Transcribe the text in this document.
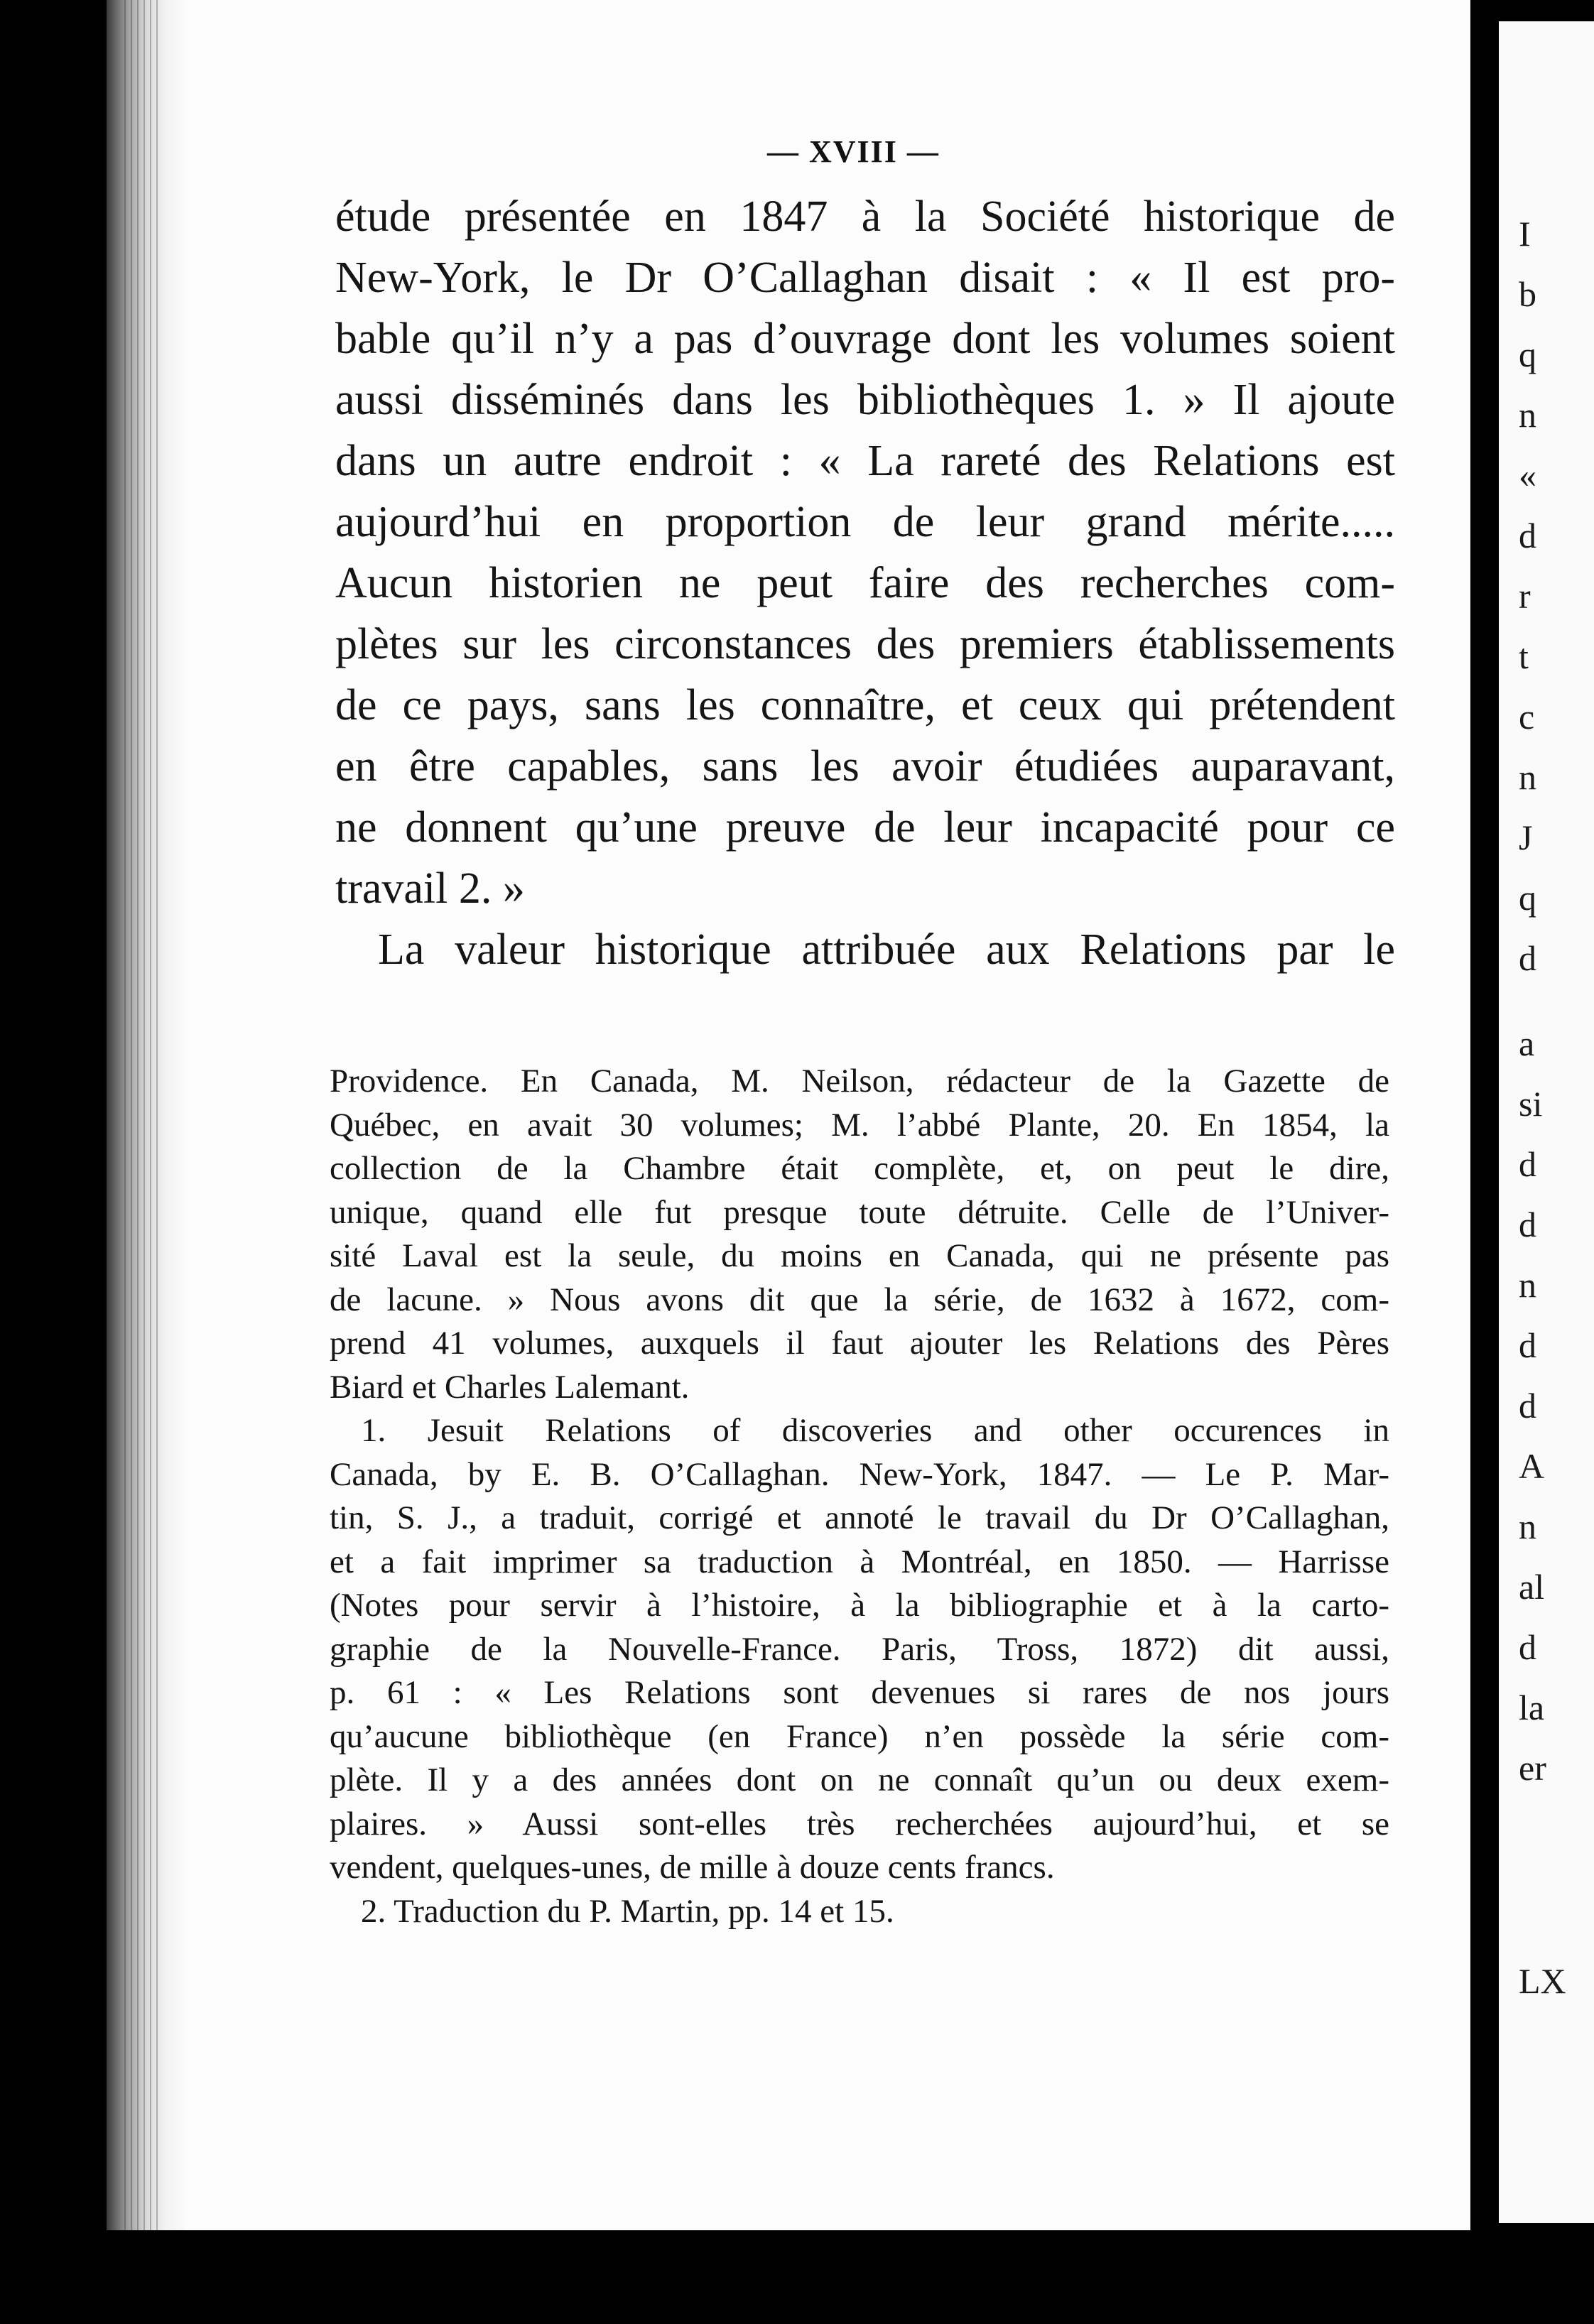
I
b
q
n
«
d
r
t
c
n
J
q
d
a
si
d
d
n
d
d
A
n
al
d
la
er
LX
— XVIII —
étude présentée en 1847 à la Société historique de
New-York, le Dr O’Callaghan disait : « Il est pro-
bable qu’il n’y a pas d’ouvrage dont les volumes soient
aussi disséminés dans les bibliothèques 1. » Il ajoute
dans un autre endroit : « La rareté des Relations est
aujourd’hui en proportion de leur grand mérite.....
Aucun historien ne peut faire des recherches com-
plètes sur les circonstances des premiers établissements
de ce pays, sans les connaître, et ceux qui prétendent
en être capables, sans les avoir étudiées auparavant,
ne donnent qu’une preuve de leur incapacité pour ce
travail 2. »
La valeur historique attribuée aux Relations par le
Providence. En Canada, M. Neilson, rédacteur de la Gazette de
Québec, en avait 30 volumes; M. l’abbé Plante, 20. En 1854, la
collection de la Chambre était complète, et, on peut le dire,
unique, quand elle fut presque toute détruite. Celle de l’Univer-
sité Laval est la seule, du moins en Canada, qui ne présente pas
de lacune. » Nous avons dit que la série, de 1632 à 1672, com-
prend 41 volumes, auxquels il faut ajouter les Relations des Pères
Biard et Charles Lalemant.
1. Jesuit Relations of discoveries and other occurences in
Canada, by E. B. O’Callaghan. New-York, 1847. — Le P. Mar-
tin, S. J., a traduit, corrigé et annoté le travail du Dr O’Callaghan,
et a fait imprimer sa traduction à Montréal, en 1850. — Harrisse
(Notes pour servir à l’histoire, à la bibliographie et à la carto-
graphie de la Nouvelle-France. Paris, Tross, 1872) dit aussi,
p. 61 : « Les Relations sont devenues si rares de nos jours
qu’aucune bibliothèque (en France) n’en possède la série com-
plète. Il y a des années dont on ne connaît qu’un ou deux exem-
plaires. » Aussi sont-elles très recherchées aujourd’hui, et se
vendent, quelques-unes, de mille à douze cents francs.
2. Traduction du P. Martin, pp. 14 et 15.
